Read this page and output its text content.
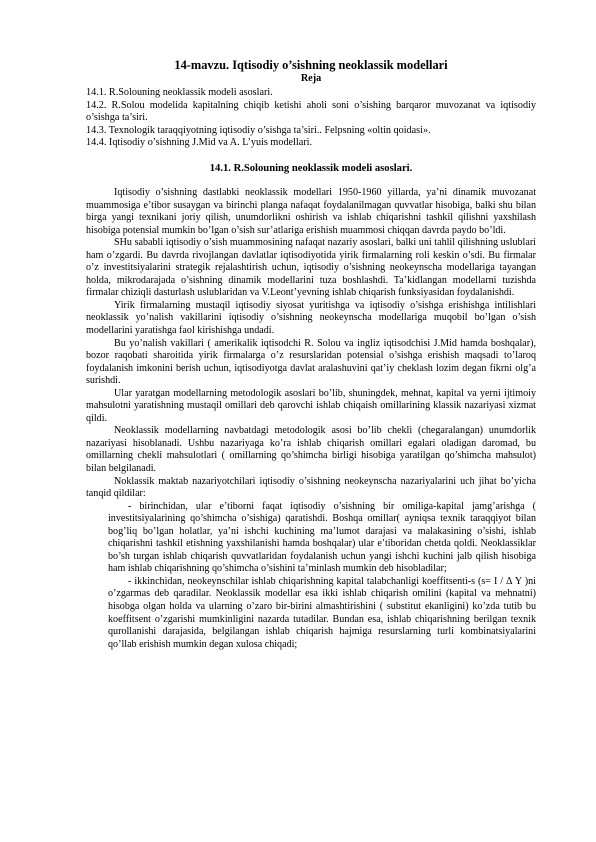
14-mavzu. Iqtisodiy o’sishning neoklassik modellari
Reja

14.1. R.Solouning neoklassik modeli asoslari.

14.2. R.Solou modelida kapitalning chiqib ketishi aholi soni o’sishing barqaror muvozanat va iqtisodiy o’sishga ta’siri.

14.3. Texnologik taraqqiyotning iqtisodiy o’sishga ta’siri.. Felpsning «oltin qoidasi».

14.4. Iqtisodiy o’sishning J.Mid va A. L’yuis modellari.

14.1. R.Solouning neoklassik modeli asoslari.

Iqtisodiy o’sishning dastlabki neoklassik modellari 1950-1960 yillarda, ya’ni dinamik muvozanat muammosiga e’tibor susaygan va birinchi planga nafaqat foydalanilmagan quvvatlar hisobiga, balki shu bilan birga yangi texnikani joriy qilish, unumdorlikni oshirish va ishlab chiqarishni tashkil qilishni yaxshilash hisobiga potensial mumkin bo’lgan o’sish sur’atlariga erishish muammosi chiqqan davrda paydo bo’ldi.

SHu sababli iqtisodiy o’sish muammosining nafaqat nazariy asoslari, balki uni tahlil qilishning uslublari ham o’zgardi. Bu davrda rivojlangan davlatlar iqtisodiyotida yirik firmalarning roli keskin o’sdi. Bu firmalar o’z investitsiyalarini strategik rejalashtirish uchun, iqtisodiy o’sishning neokeynscha modellariga tayangan holda, mikrodarajada o’sishning dinamik modellarini tuza boshlashdi. Ta’kidlangan modellarni tuzishda firmalar chiziqli dasturlash uslublaridan va V.Leont’yevning ishlab chiqarish funksiyasidan foydalanishdi.

Yirik firmalarning mustaqil iqtisodiy siyosat yuritishga va iqtisodiy o’sishga erishishga intilishlari neoklassik yo’nalish vakillarini iqtisodiy o’sishning neokeynscha modellariga muqobil bo’lgan o’sish modellarini yaratishga faol kirishishga undadi.

Bu yo’nalish vakillari ( amerikalik iqtisodchi R. Solou va ingliz iqtisodchisi J.Mid hamda boshqalar), bozor raqobati sharoitida yirik firmalarga o’z resurslaridan potensial o’sishga erishish maqsadi to’laroq foydalanish imkonini berish uchun, iqtisodiyotga davlat aralashuvini qat’iy cheklash lozim degan fikrni olg’a surishdi.

Ular yaratgan modellarning metodologik asoslari bo’lib, shuningdek, mehnat, kapital va yerni ijtimoiy mahsulotni yaratishning mustaqil omillari deb qarovchi ishlab chiqaish omillarining klassik nazariyasi xizmat qildi.

Neoklassik modellarning navbatdagi metodologik asosi bo’lib chekli (chegaralangan) unumdorlik nazariyasi hisoblanadi. Ushbu nazariyaga ko’ra ishlab chiqarish omillari egalari oladigan daromad, bu omillarning chekli mahsulotlari ( omillarning qo’shimcha birligi hisobiga yaratilgan qo’shimcha mahsulot) bilan belgilanadi.

Noklassik maktab nazariyotchilari iqtisodiy o’sishning neokeynscha nazariyalarini uch jihat bo’yicha tanqid qildilar:

- birinchidan, ular e’tiborni faqat iqtisodiy o’sishning bir omiliga-kapital jamg’arishga ( investitsiyalarining qo’shimcha o’sishiga) qaratishdi. Boshqa omillar( ayniqsa texnik taraqqiyot bilan bog’liq bo’lgan holatlar, ya’ni ishchi kuchining ma’lumot darajasi va malakasining o’sishi, ishlab chiqarishni tashkil etishning yaxshilanishi hamda boshqalar) ular e’tiboridan chetda qoldi. Neoklassiklar bo’sh turgan ishlab chiqarish quvvatlaridan foydalanish uchun yangi ishchi kuchini jalb qilish hisobiga ham ishlab chiqarishning qo’shimcha o’sishini ta’minlash mumkin deb hisobladilar;

- ikkinchidan, neokeynschilar ishlab chiqarishning kapital talabchanligi koeffitsenti-s (s= I / Δ Y )ni o’zgarmas deb qaradilar. Neoklassik modellar esa ikki ishlab chiqarish omilini (kapital va mehnatni) hisobga olgan holda va ularning o’zaro bir-birini almashtirishini ( substitut ekanligini) ko’zda tutib bu koeffitsent o’zgarishi mumkinligini nazarda tutadilar. Bundan esa, ishlab chiqarishning berilgan texnik qurollanishi darajasida, belgilangan ishlab chiqarish hajmiga resurslarning turli kombinatsiyalarini qo’llab erishish mumkin degan xulosa chiqadi;
